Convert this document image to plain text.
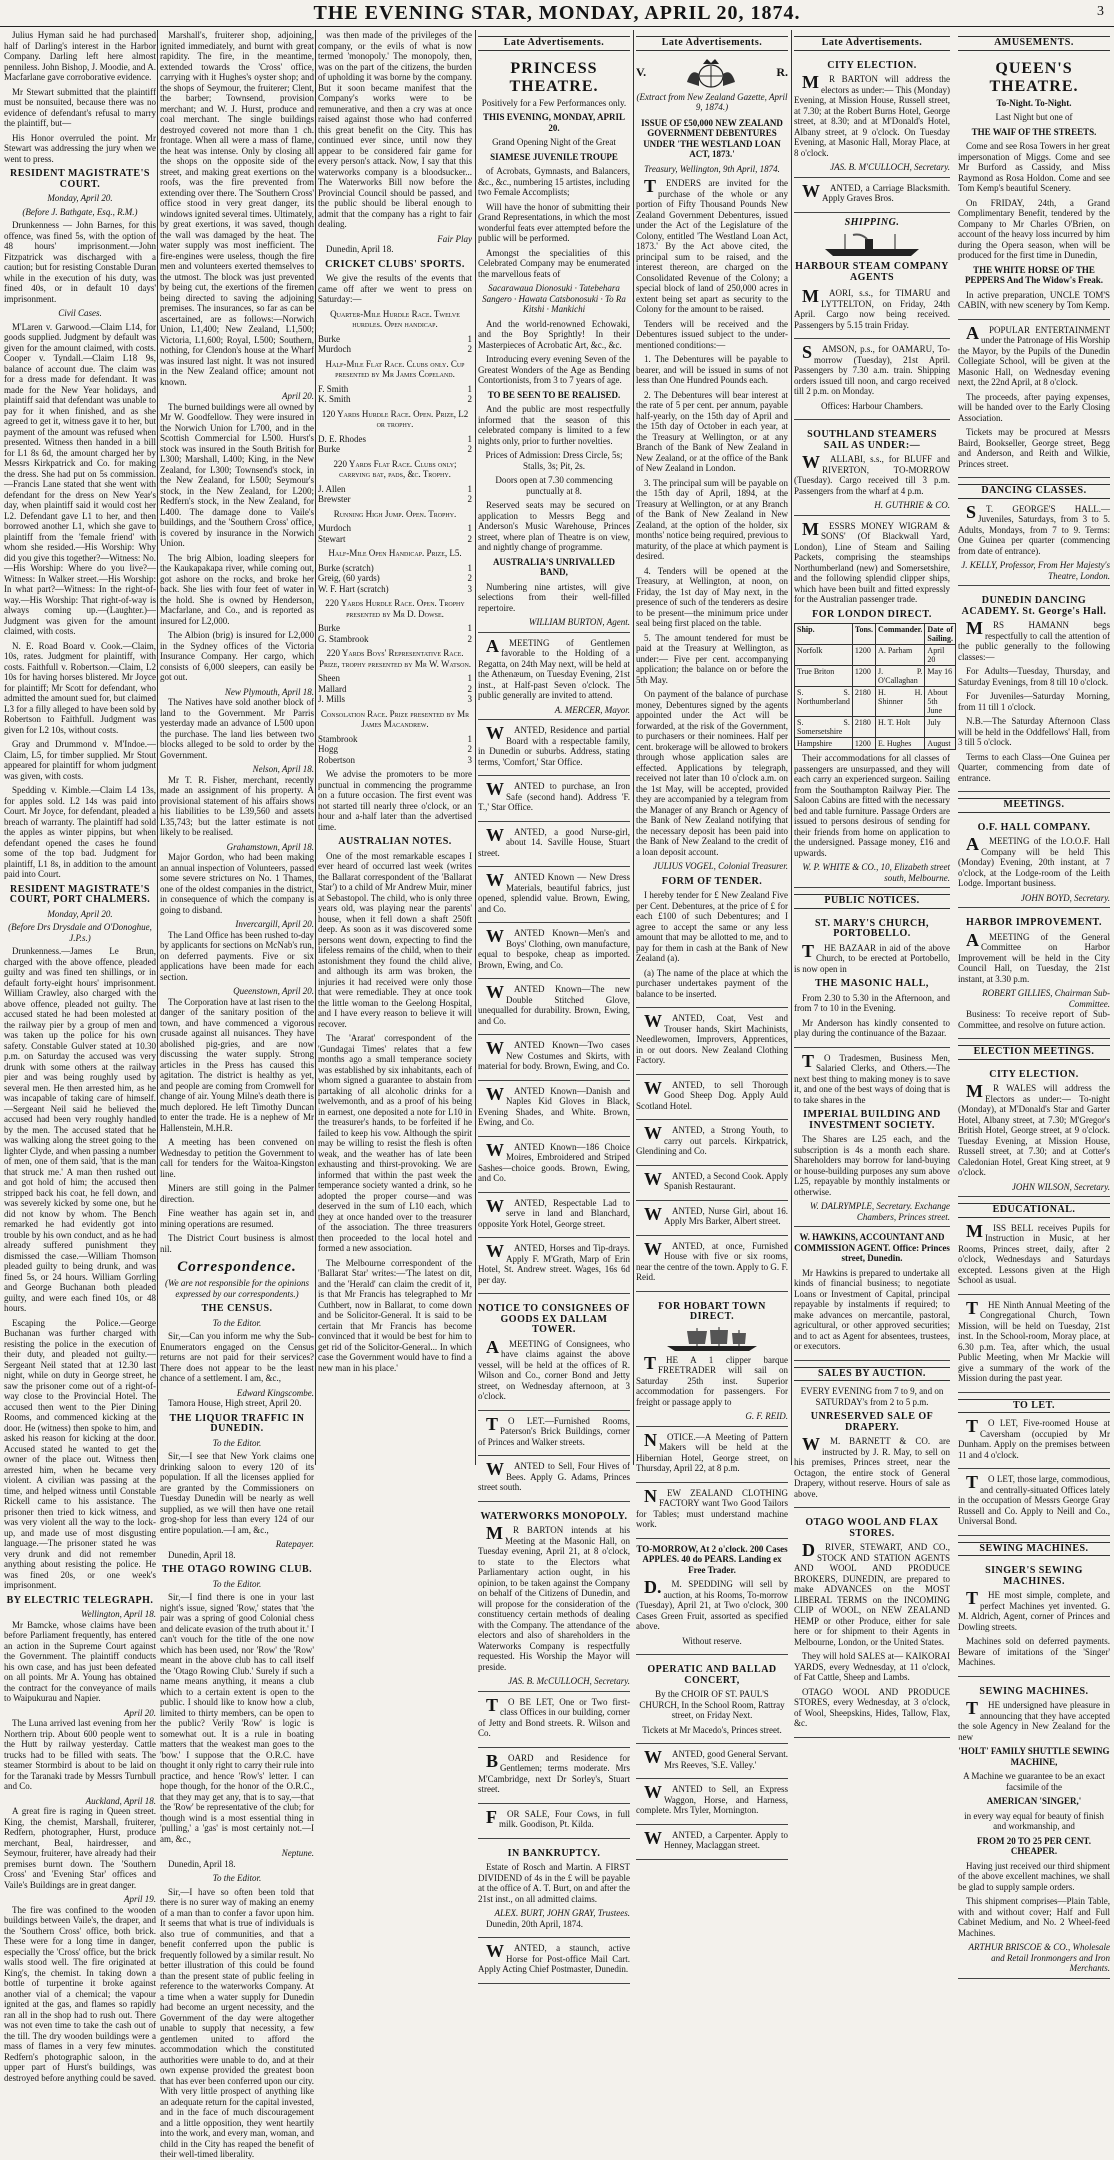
THE EVENING STAR, MONDAY, APRIL 20, 1874.	3

Julius Hyman said he had purchased half of Darling's interest in the Harbor Company. Darling left here almost penniless. John Bishop, J. Moodie, and A. Macfarlane gave corroborative evidence.

Mr Stewart submitted that the plaintiff must be nonsuited, because there was no evidence of defendant's refusal to marry the plaintiff, but—

His Honor overruled the point. Mr Stewart was addressing the jury when we went to press.

RESIDENT MAGISTRATE'S COURT.
Monday, April 20.
(Before J. Bathgate, Esq., R.M.)

Drunkenness — John Barnes, for this offence, was fined 5s, with the option of 48 hours' imprisonment.—John Fitzpatrick was discharged with a caution; but for resisting Constable Duran while in the execution of his duty, was fined 40s, or in default 10 days' imprisonment.

Civil Cases.

M'Laren v. Garwood.—Claim L14, for goods supplied. Judgment by default was given for the amount claimed, with costs. Cooper v. Tyndall.—Claim L18 9s, balance of account due. The claim was for a dress made for defendant. It was made for the New Year holidays, and plaintiff said that defendant was unable to pay for it when finished, and as she agreed to get it, witness gave it to her, but payment of the amount was refused when presented. Witness then handed in a bill for L1 8s 6d, the amount charged her by Messrs Kirkpatrick and Co. for making the dress. She had put on 5s commission.—Francis Lane stated that she went with defendant for the dress on New Year's day, when plaintiff said it would cost her L2. Defendant gave L1 to her, and then borrowed another L1, which she gave to plaintiff from the 'female friend' with whom she resided.—His Worship: Why did you give this together?—Witness: No.—His Worship: Where do you live?—Witness: In Walker street.—His Worship: In what part?—Witness: In the right-of-way.—His Worship: That right-of-way is always coming up.—(Laughter.)—Judgment was given for the amount claimed, with costs.

N. E. Road Board v. Cook.—Claim, 10s, rates. Judgment for plaintiff, with costs. Faithfull v. Robertson.—Claim, L2 10s for having horses blistered. Mr Joyce for plaintiff; Mr Scott for defendant, who admitted the amount sued for, but claimed L3 for a filly alleged to have been sold by Robertson to Faithfull. Judgment was given for L2 10s, without costs.

Gray and Drummond v. M'Indoe.—Claim, L5, for timber supplied. Mr Stout appeared for plaintiff for whom judgment was given, with costs.

Spedding v. Kimble.—Claim L4 13s, for apples sold. L2 14s was paid into Court. Mr Joyce, for defendant, pleaded a breach of warranty. The plaintiff had sold the apples as winter pippins, but when defendant opened the cases he found some of the top bad. Judgment for plaintiff, L1 8s, in addition to the amount paid into Court.

RESIDENT MAGISTRATE'S COURT, PORT CHALMERS.
Monday, April 20.
(Before Drs Drysdale and O'Donoghue, J.P.s.)

Drunkenness.—James Le Brun, charged with the above offence, pleaded guilty and was fined ten shillings, or in default forty-eight hours' imprisonment. William Crawley, also charged with the above offence, pleaded not guilty. The accused stated he had been molested at the railway pier by a group of men and was taken up the police for his own safety. Constable Gulver stated at 10.30 p.m. on Saturday the accused was very drunk with some others at the railway pier and was being roughly used by several men. He then arrested him, as he was incapable of taking care of himself.—Sergeant Neil said he believed the accused had been very roughly handled by the men. The accused stated that he was walking along the street going to the lighter Clyde, and when passing a number of men, one of them said, 'that is the man that struck me.' A man then rushed out and got hold of him; the accused then stripped back his coat, he fell down, and was severely kicked by some one, but he did not know by whom. The Bench remarked he had evidently got into trouble by his own conduct, and as he had already suffered punishment they dismissed the case.—William Thomson pleaded guilty to being drunk, and was fined 5s, or 24 hours. William Gorrling and George Buchanan both pleaded guilty, and were each fined 10s, or 48 hours.

Escaping the Police.—George Buchanan was further charged with resisting the police in the execution of their duty, and pleaded not guilty.—Sergeant Neil stated that at 12.30 last night, while on duty in George street, he saw the prisoner come out of a right-of-way close to the Provincial Hotel. The accused then went to the Pier Dining Rooms, and commenced kicking at the door. He (witness) then spoke to him, and asked his reason for kicking at the door. Accused stated he wanted to get the owner of the place out. Witness then arrested him, when he became very violent. A civilian was passing at the time, and helped witness until Constable Rickell came to his assistance. The prisoner then tried to kick witness, and was very violent all the way to the lock-up, and made use of most disgusting language.—The prisoner stated he was very drunk and did not remember anything about resisting the police. He was fined 20s, or one week's imprisonment.

BY ELECTRIC TELEGRAPH.
Wellington, April 18.

Mr Bamcke, whose claims have been before Parliament frequently, has entered an action in the Supreme Court against the Government. The plaintiff conducts his own case, and has just been defeated on all points. Mr A. Young has obtained the contract for the conveyance of mails to Waipukurau and Napier.

April 20.

The Luna arrived last evening from her Northern trip. About 600 people went to the Hutt by railway yesterday. Cattle trucks had to be filled with seats. The steamer Stormbird is about to be laid on for the Taranaki trade by Messrs Turnbull and Co.

Auckland, April 18.

A great fire is raging in Queen street. King, the chemist, Marshall, fruiterer, Redfern, photographer, Hurst, produce merchant, Beal, hairdresser, and Seymour, fruiterer, have already had their premises burnt down. The 'Southern Cross' and 'Evening Star' offices and Vaile's Buildings are in great danger.

April 19.

The fire was confined to the wooden buildings between Vaile's, the draper, and the 'Southern Cross' office, both brick. These were for a long time in danger, especially the 'Cross' office, but the brick walls stood well. The fire originated at King's, the chemist. In taking down a bottle of turpentine it broke against another vial of a chemical; the vapour ignited at the gas, and flames so rapidly ran all in the shop had to rush out. There was not even time to take the cash out of the till. The dry wooden buildings were a mass of flames in a very few minutes. Redfern's photographic saloon, in the upper part of Hurst's buildings, was destroyed before anything could be saved.

Marshall's, fruiterer shop, adjoining, ignited immediately, and burnt with great rapidity. The fire, in the meantime, extended towards the 'Cross' office, carrying with it Hughes's oyster shop; and the shops of Seymour, the fruiterer; Clent, the barber; Townsend, provision merchant; and W. J. Hurst, produce and coal merchant. The single buildings destroyed covered not more than 1 ch. frontage. When all were a mass of flame, the heat was intense. Only by closing all the shops on the opposite side of the street, and making great exertions on the roofs, was the fire prevented from extending over there. The 'Southern Cross' office stood in very great danger, its windows ignited several times. Ultimately, by great exertions, it was saved, though the wall was damaged by the heat. The water supply was most inefficient. The fire-engines were useless, though the fire men and volunteers exerted themselves to the utmost. The block was just prevented by being cut, the exertions of the firemen being directed to saving the adjoining premises. The insurances, so far as can be ascertained, are as follows:—Norwich Union, L1,400; New Zealand, L1,500; Victoria, L1,600; Royal, L500; Southern, nothing, for Clendon's house at the Wharf was insured last night. It was not insured in the New Zealand office; amount not known.

April 20.

The burned buildings were all owned by Mr W. Goodfellow. They were insured in the Norwich Union for L700, and in the Scottish Commercial for L500. Hurst's stock was insured in the South British for L300; Marshall, L400; King, in the New Zealand, for L300; Townsend's stock, in the New Zealand, for L500; Seymour's stock, in the New Zealand, for L200; Redfern's stock, in the New Zealand, for L400. The damage done to Vaile's buildings, and the 'Southern Cross' office, is covered by insurance in the Norwich Union.

The brig Albion, loading sleepers for the Kaukapakapa river, while coming out, got ashore on the rocks, and broke her back. She lies with four feet of water in the hold. She is owned by Henderson, Macfarlane, and Co., and is reported as insured for L2,000.

The Albion (brig) is insured for L2,000 in the Sydney offices of the Victoria Insurance Company. Her cargo, which consists of 6,000 sleepers, can easily be got out.

New Plymouth, April 18.

The Natives have sold another block of land to the Government. Mr Parris yesterday made an advance of L500 upon the purchase. The land lies between two blocks alleged to be sold to order by the Government.

Nelson, April 18.

Mr T. R. Fisher, merchant, recently made an assignment of his property. A provisional statement of his affairs shows his liabilities to be L39,560 and assets L35,743; but the latter estimate is not likely to be realised.

Grahamstown, April 18.

Major Gordon, who had been making an annual inspection of Volunteers, passed some severe strictures on No. 1 Thames, one of the oldest companies in the district, in consequence of which the company is going to disband.

Invercargill, April 20.

The Land Office has been rushed to-day by applicants for sections on McNab's run, on deferred payments. Five or six applications have been made for each section.

Queenstown, April 20.

The Corporation have at last risen to the danger of the sanitary position of the town, and have commenced a vigorous crusade against all nuisances. They have abolished pig-gries, and are now discussing the water supply. Strong articles in the Press has caused this agitation. The district is healthy as yet, and people are coming from Cromwell for change of air. Young Milne's death there is much deplored. He left Timothy Duncan to enter the trade. He is a nephew of Mr Hallenstein, M.H.R.

A meeting has been convened on Wednesday to petition the Government to call for tenders for the Waitoa-Kingston line.

Miners are still going in the Palmer direction.

Fine weather has again set in, and mining operations are resumed.

The District Court business is almost nil.

Correspondence.
(We are not responsible for the opinions expressed by our correspondents.)
THE CENSUS.
To the Editor.

Sir,—Can you inform me why the Sub-Enumerators engaged on the Census returns are not paid for their services? There does not appear to be the least chance of a settlement. I am, &c.,

Edward Kingscombe.

Tamora House, High street, April 20.

THE LIQUOR TRAFFIC IN DUNEDIN.
To the Editor.

Sir,—I see that New York claims one drinking saloon to every 120 of its population. If all the licenses applied for are granted by the Commissioners on Tuesday Dunedin will be nearly as well supplied, as we will then have one retail grog-shop for less than every 124 of our entire population.—I am, &c.,

Ratepayer.

Dunedin, April 18.

THE OTAGO ROWING CLUB.
To the Editor.

Sir,—I find there is one in your last night's issue, signed 'Row,' states that 'the pair was a spring of good Colonial chess and delicate evasion of the truth about it.' I can't vouch for the title of the one now which has been used, nor 'Row' the 'Row' meant in the above club has to call itself the 'Otago Rowing Club.' Surely if such a name means anything, it means a club which to a certain extent is open to the public. I should like to know how a club, limited to thirty members, can be open to the public? Verily 'Row' is logic is somewhat out. It is a rule in boating matters that the weakest man goes to the 'bow.' I suppose that the O.R.C. have thought it only right to carry their rule into practice, and hence 'Row's' letter. I can hope though, for the honor of the O.R.C., that they may get any, that is to say,—that the 'Row' be representative of the club; for though wind is a most essential thing in 'pulling,' a 'gas' is most certainly not.—I am, &c.,

Neptune.

Dunedin, April 18.

To the Editor.

Sir,—I have so often been told that there is no surer way of making an enemy of a man than to confer a favor upon him. It seems that what is true of individuals is also true of communities, and that a benefit conferred upon the public is frequently followed by a similar result. No better illustration of this could be found than the present state of public feeling in reference to the waterworks Company. At a time when a water supply for Dunedin had become an urgent necessity, and the Government of the day were altogether unable to supply that necessity, a few gentlemen united to afford the accommodation which the constituted authorities were unable to do, and at their own expense provided the greatest boon that has ever been conferred upon our city. With very little prospect of anything like an adequate return for the capital invested, and in the face of much discouragement and a little opposition, they went heartily into the work, and every man, woman, and child in the City has reaped the benefit of their well-timed liberality.

was then made of the privileges of the company, or the evils of what is now termed 'monopoly.' The monopoly, then, was on the part of the citizens, the burden of upholding it was borne by the company. But it soon became manifest that the Company's works were to be remunerative, and then a cry was at once raised against those who had conferred this great benefit on the City. This has continued ever since, until now they appear to be considered fair game for every person's attack. Now, I say that this waterworks company is a bloodsucker... The Waterworks Bill now before the Provincial Council should be passed, and the public should be liberal enough to admit that the company has a right to fair dealing.

Fair Play

Dunedin, April 18.

CRICKET CLUBS' SPORTS.

We give the results of the events that came off after we went to press on Saturday:—

Quarter-Mile Hurdle Race. Twelve hurdles. Open handicap.

Burke	1
Murdoch	2

Half-Mile Flat Race. Clubs only. Cup presented by Mr James Copeland.

F. Smith	1
K. Smith	2

120 Yards Hurdle Race. Open. Prize, L2 or trophy.

D. E. Rhodes	1
Burke	2

220 Yards Flat Race. Clubs only; carrying bat, pads, &c. Trophy.

J. Allen	1
Brewster	2

Running High Jump. Open. Trophy.

Murdoch	1
Stewart	2

Half-Mile Open Handicap. Prize, L5.

Burke (scratch)	1
Greig, (60 yards)	2
W. F. Hart (scratch)	3

220 Yards Hurdle Race. Open. Trophy presented by Mr D. Dowse.

Burke	1
G. Stambrook	2

220 Yards Boys' Representative Race. Prize, trophy presented by Mr W. Watson.

Sheen	1
Mallard	2
J. Mills	3

Consolation Race. Prize presented by Mr James Macandrew.

Stambrook	1
Hogg	2
Robertson	3

We advise the promoters to be more punctual in commencing the programme on a future occasion. The first event was not started till nearly three o'clock, or an hour and a-half later than the advertised time.

AUSTRALIAN NOTES.

One of the most remarkable escapes I ever heard of occurred last week (writes the Ballarat correspondent of the 'Ballarat Star') to a child of Mr Andrew Muir, miner at Sebastopol. The child, who is only three years old, was playing near the parents' house, when it fell down a shaft 250ft deep. As soon as it was discovered some persons went down, expecting to find the lifeless remains of the child, when to their astonishment they found the child alive, and although its arm was broken, the injuries it had received were only those that were remediable. They at once took the little woman to the Geelong Hospital, and I have every reason to believe it will recover.

The 'Ararat' correspondent of the 'Gundagai Times' relates that a few months ago a small temperance society was established by six inhabitants, each of whom signed a guarantee to abstain from partaking of all alcoholic drinks for a twelvemonth, and as a proof of his being in earnest, one deposited a note for L10 in the treasurer's hands, to be forfeited if he failed to keep his vow. Although the spirit may be willing to resist the flesh is often weak, and the weather has of late been exhausting and thirst-provoking. We are informed that within the past week the temperance society wanted a drink, so he adopted the proper course—and was deserved in the sum of L10 each, which they at once handed over to the treasurer of the association. The three treasurers then proceeded to the local hotel and formed a new association.

The Melbourne correspondent of the 'Ballarat Star' writes:—'The latest on dit, and the 'Herald' can claim the credit of it, is that Mr Francis has telegraphed to Mr Cuthbert, now in Ballarat, to come down and be Solicitor-General. It is said to be certain that Mr Francis has become convinced that it would be best for him to get rid of the Solicitor-General... In which case the Government would have to find a new man in his place.'

Late Advertisements.
PRINCESS THEATRE.

Positively for a Few Performances only.

THIS EVENING, MONDAY, APRIL 20.

Grand Opening Night of the Great

SIAMESE JUVENILE TROUPE

of Acrobats, Gymnasts, and Balancers, &c., &c., numbering 15 artistes, including two Female Accomplists;

Will have the honor of submitting their Grand Representations, in which the most wonderful feats ever attempted before the public will be performed.

Amongst the specialities of this Celebrated Company may be enumerated the marvellous feats of

Sacarawaua Dionosuki · Tatebehara Sangero · Hawata Catsbonosuki · To Ra Kitshi · Mankichi

And the world-renowned Echowaki, and the Boy Sprightly! In their Masterpieces of Acrobatic Art, &c., &c.

Introducing every evening Seven of the Greatest Wonders of the Age as Bending Contortionists, from 3 to 7 years of age.

TO BE SEEN TO BE REALISED.

And the public are most respectfully informed that the season of this celebrated company is limited to a few nights only, prior to further novelties.

Prices of Admission: Dress Circle, 5s; Stalls, 3s; Pit, 2s.

Doors open at 7.30 commencing punctually at 8.

Reserved seats may be secured on application to Messrs Begg and Anderson's Music Warehouse, Princes street, where plan of Theatre is on view, and nightly change of programme.

AUSTRALIA'S UNRIVALLED BAND,

Numbering nine artistes, will give selections from their well-filled repertoire.

WILLIAM BURTON, Agent.

AMEETING of Gentlemen favorable to the Holding of a Regatta, on 24th May next, will be held at the Athenæum, on Tuesday Evening, 21st inst., at Half-past Seven o'clock. The public generally are invited to attend.

A. MERCER, Mayor.

WANTED, Residence and partial Board with a respectable family, in Dunedin or suburbs. Address, stating terms, 'Comfort,' Star Office.

WANTED to purchase, an Iron Safe (second hand). Address 'F. T.,' Star Office.

WANTED, a good Nurse-girl, about 14. Saville House, Stuart street.

WANTED Known — New Dress Materials, beautiful fabrics, just opened, splendid value. Brown, Ewing, and Co.

WANTED Known—Men's and Boys' Clothing, own manufacture, equal to bespoke, cheap as imported. Brown, Ewing, and Co.

WANTED Known—The new Double Stitched Glove, unequalled for durability. Brown, Ewing, and Co.

WANTED Known—Two cases New Costumes and Skirts, with material for body. Brown, Ewing, and Co.

WANTED Known—Danish and Naples Kid Gloves in Black, Evening Shades, and White. Brown, Ewing, and Co.

WANTED Known—186 Choice Moires, Embroidered and Striped Sashes—choice goods. Brown, Ewing, and Co.

WANTED, Respectable Lad to serve in land and Blanchard, opposite York Hotel, George street.

WANTED, Horses and Tip-drays. Apply F. M'Grath, Marp of Erin Hotel, St. Andrew street. Wages, 16s 6d per day.

NOTICE TO CONSIGNEES OF GOODS EX DALLAM TOWER.

AMEETING of Consignees, who have claims against the above vessel, will be held at the offices of R. Wilson and Co., corner Bond and Jetty street, on Wednesday afternoon, at 3 o'clock.

TO LET.—Furnished Rooms, Paterson's Brick Buildings, corner of Princes and Walker streets.

WANTED to Sell, Four Hives of Bees. Apply G. Adams, Princes street south.

WATERWORKS MONOPOLY.

MR BARTON intends at his Meeting at the Masonic Hall, on Tuesday evening, April 21, at 8 o'clock, to state to the Electors what Parliamentary action ought, in his opinion, to be taken against the Company on behalf of the Citizens of Dunedin, and will propose for the consideration of the constituency certain methods of dealing with the Company. The attendance of the electors and also of shareholders in the Waterworks Company is respectfully requested. His Worship the Mayor will preside.

JAS. B. McCULLOCH, Secretary.

TO BE LET, One or Two first-class Offices in our building, corner of Jetty and Bond streets. R. Wilson and Co.

BOARD and Residence for Gentlemen; terms moderate. Mrs M'Cambridge, next Dr Sorley's, Stuart street.

FOR SALE, Four Cows, in full milk. Goodison, Pt. Kilda.

IN BANKRUPTCY.

Estate of Rosch and Martin. A FIRST DIVIDEND of 4s in the £ will be payable at the office of A. T. Burt, on and after the 21st inst., on all admitted claims.

ALEX. BURT, JOHN GRAY, Trustees.

Dunedin, 20th April, 1874.

WANTED, a staunch, active Horse for Post-office Mail Cart. Apply Acting Chief Postmaster, Dunedin.

Late Advertisements.
V.	R.

(Extract from New Zealand Gazette, April 9, 1874.)

ISSUE OF £50,000 NEW ZEALAND GOVERNMENT DEBENTURES UNDER 'THE WESTLAND LOAN ACT, 1873.'

Treasury, Wellington, 9th April, 1874.

TENDERS are invited for the purchase of the whole or any portion of Fifty Thousand Pounds New Zealand Government Debentures, issued under the Act of the Legislature of the Colony, entitled 'The Westland Loan Act, 1873.' By the Act above cited, the principal sum to be raised, and the interest thereon, are charged on the Consolidated Revenue of the Colony; a special block of land of 250,000 acres in extent being set apart as security to the Colony for the amount to be raised.

Tenders will be received and the Debentures issued subject to the under-mentioned conditions:—

1. The Debentures will be payable to bearer, and will be issued in sums of not less than One Hundred Pounds each.

2. The Debentures will bear interest at the rate of 5 per cent. per annum, payable half-yearly, on the 15th day of April and the 15th day of October in each year, at the Treasury at Wellington, or at any Branch of the Bank of New Zealand in New Zealand, or at the office of the Bank of New Zealand in London.

3. The principal sum will be payable on the 15th day of April, 1894, at the Treasury at Wellington, or at any Branch of the Bank of New Zealand in New Zealand, at the option of the holder, six months' notice being required, previous to maturity, of the place at which payment is desired.

4. Tenders will be opened at the Treasury, at Wellington, at noon, on Friday, the 1st day of May next, in the presence of such of the tenderers as desire to be present—the minimum price under seal being first placed on the table.

5. The amount tendered for must be paid at the Treasury at Wellington, as under:— Five per cent. accompanying application; the balance on or before the 5th May.

On payment of the balance of purchase money, Debentures signed by the agents appointed under the Act will be forwarded, at the risk of the Government, to purchasers or their nominees. Half per cent. brokerage will be allowed to brokers through whose application sales are effected. Applications by telegraph, received not later than 10 o'clock a.m. on the 1st May, will be accepted, provided they are accompanied by a telegram from the Manager of any Branch or Agency of the Bank of New Zealand notifying that the necessary deposit has been paid into the Bank of New Zealand to the credit of a loan deposit account.

JULIUS VOGEL, Colonial Treasurer.
FORM OF TENDER.

I hereby tender for £ New Zealand Five per Cent. Debentures, at the price of £ for each £100 of such Debentures; and I agree to accept the same or any less amount that may be allotted to me, and to pay for them in cash at the Bank of New Zealand (a).

(a) The name of the place at which the purchaser undertakes payment of the balance to be inserted.

WANTED, Coat, Vest and Trouser hands, Skirt Machinists, Needlewomen, Improvers, Apprentices, in or out doors. New Zealand Clothing Factory.

WANTED, to sell Thorough Good Sheep Dog. Apply Auld Scotland Hotel.

WANTED, a Strong Youth, to carry out parcels. Kirkpatrick, Glendining and Co.

WANTED, a Second Cook. Apply Spanish Restaurant.

WANTED, Nurse Girl, about 16. Apply Mrs Barker, Albert street.

WANTED, at once, Furnished House with five or six rooms, near the centre of the town. Apply to G. F. Reid.

FOR HOBART TOWN DIRECT.

THE A 1 clipper barque FREETRADER will sail on Saturday 25th inst. Superior accommodation for passengers. For freight or passage apply to

G. F. REID.

NOTICE.—A Meeting of Pattern Makers will be held at the Hibernian Hotel, George street, on Thursday, April 22, at 8 p.m.

NEW ZEALAND CLOTHING FACTORY want Two Good Tailors for Tables; must understand machine work.

TO-MORROW, At 2 o'clock. 200 Cases APPLES. 40 do PEARS. Landing ex Free Trader.

D.M. SPEDDING will sell by auction, at his Rooms, To-morrow (Tuesday), April 21, at Two o'clock, 300 Cases Green Fruit, assorted as specified above.

Without reserve.

OPERATIC AND BALLAD CONCERT,

By the CHOIR OF ST. PAUL'S CHURCH, In the School Room, Rattray street, on Friday Next.

Tickets at Mr Macedo's, Princes street.

WANTED, good General Servant. Mrs Reeves, 'S.E. Valley.'

WANTED to Sell, an Express Waggon, Horse, and Harness, complete. Mrs Tyler, Mornington.

WANTED, a Carpenter. Apply to Henney, Maclaggan street.

Late Advertisements.
CITY ELECTION.

MR BARTON will address the electors as under:— This (Monday) Evening, at Mission House, Russell street, at 7.30; at the Robert Burns Hotel, George street, at 8.30; and at M'Donald's Hotel, Albany street, at 9 o'clock. On Tuesday Evening, at Masonic Hall, Moray Place, at 8 o'clock.

JAS. B. M'CULLOCH, Secretary.

WANTED, a Carriage Blacksmith. Apply Graves Bros.

SHIPPING.
HARBOUR STEAM COMPANY AGENTS

MAORI, s.s., for TIMARU and LYTTELTON, on Friday, 24th April. Cargo now being received. Passengers by 5.15 train Friday.

SAMSON, p.s., for OAMARU, To-morrow (Tuesday), 21st April. Passengers by 7.30 a.m. train. Shipping orders issued till noon, and cargo received till 2 p.m. on Monday.

Offices: Harbour Chambers.

SOUTHLAND STEAMERS SAIL AS UNDER:—

WALLABI, s.s., for BLUFF and RIVERTON, TO-MORROW (Tuesday). Cargo received till 3 p.m. Passengers from the wharf at 4 p.m.

H. GUTHRIE & CO.

MESSRS MONEY WIGRAM & SONS' (Of Blackwall Yard, London), Line of Steam and Sailing Packets, comprising the steamships Northumberland (new) and Somersetshire, and the following splendid clipper ships, which have been built and fitted expressly for the Australian passenger trade.

FOR LONDON DIRECT.
Ship.	Tons.	Commander.	Date of Sailing.
Norfolk	1200	A. Parham	April 20
True Briton	1200	J. P. O'Callaghan	May 16
S. S. Northumberland	2180	H. H. Shinner	About 5th June
S. S. Somersetshire	2180	H. T. Holt	July
Hampshire	1200	E. Hughes	August

Their accommodations for all classes of passengers are unsurpassed, and they will each carry an experienced surgeon. Sailing from the Southampton Railway Pier. The Saloon Cabins are fitted with the necessary bed and table furniture. Passage Orders are issued to persons desirous of sending for their friends from home on application to the undersigned. Passage money, £16 and upwards.

W. P. WHITE & CO., 10, Elizabeth street south, Melbourne.
PUBLIC NOTICES.
ST. MARY'S CHURCH, PORTOBELLO.

THE BAZAAR in aid of the above Church, to be erected at Portobello, is now open in

THE MASONIC HALL,

From 2.30 to 5.30 in the Afternoon, and from 7 to 10 in the Evening.

Mr Anderson has kindly consented to play during the continuance of the Bazaar.

TO Tradesmen, Business Men, Salaried Clerks, and Others.—The next best thing to making money is to save it, and one of the best ways of doing that is to take shares in the

IMPERIAL BUILDING AND INVESTMENT SOCIETY.

The Shares are L25 each, and the subscription is 4s a month each share. Shareholders may borrow for land-buying or house-building purposes any sum above L25, repayable by monthly instalments or otherwise.

W. DALRYMPLE, Secretary. Exchange Chambers, Princes street.

W. HAWKINS, ACCOUNTANT AND COMMISSION AGENT. Office: Princes street, Dunedin.

Mr Hawkins is prepared to undertake all kinds of financial business; to negotiate Loans or Investment of Capital, principal repayable by instalments if required; to make advances on mercantile, pastoral, agricultural, or other approved securities; and to act as Agent for absentees, trustees, or executors.

SALES BY AUCTION.

EVERY EVENING from 7 to 9, and on SATURDAY's from 2 to 5 p.m.

UNRESERVED SALE OF DRAPERY.

WM. BARNETT & CO. are instructed by J. R. May, to sell on his premises, Princes street, near the Octagon, the entire stock of General Drapery, without reserve. Hours of sale as above.

OTAGO WOOL AND FLAX STORES.

DRIVER, STEWART, AND CO., STOCK AND STATION AGENTS AND WOOL AND PRODUCE BROKERS, DUNEDIN, are prepared to make ADVANCES on the MOST LIBERAL TERMS on the INCOMING CLIP of WOOL, on NEW ZEALAND HEMP or other Produce, either for sale here or for shipment to their Agents in Melbourne, London, or the United States.

They will hold SALES at— KAIKORAI YARDS, every Wednesday, at 11 o'clock, of Fat Cattle, Sheep and Lambs.

OTAGO WOOL AND PRODUCE STORES, every Wednesday, at 3 o'clock, of Wool, Sheepskins, Hides, Tallow, Flax, &c.

AMUSEMENTS.
QUEEN'S THEATRE.

To-Night. To-Night.

Last Night but one of

THE WAIF OF THE STREETS.

Come and see Rosa Towers in her great impersonation of Miggs. Come and see Mr Burford as Cassidy, and Miss Raymond as Rosa Holdon. Come and see Tom Kemp's beautiful Scenery.

On FRIDAY, 24th, a Grand Complimentary Benefit, tendered by the Company to Mr Charles O'Brien, on account of the heavy loss incurred by him during the Opera season, when will be produced for the first time in Dunedin,

THE WHITE HORSE OF THE PEPPERS And The Widow's Freak.

In active preparation, UNCLE TOM'S CABIN, with new scenery by Tom Kemp.

APOPULAR ENTERTAINMENT under the Patronage of His Worship the Mayor, by the Pupils of the Dunedin Collegiate School, will be given at the Masonic Hall, on Wednesday evening next, the 22nd April, at 8 o'clock.

The proceeds, after paying expenses, will be handed over to the Early Closing Association.

Tickets may be procured at Messrs Baird, Bookseller, George street, Begg and Anderson, and Reith and Wilkie, Princes street.

DANCING CLASSES.

ST. GEORGE'S HALL.—Juveniles, Saturdays, from 3 to 5. Adults, Mondays, from 7 to 9. Terms: One Guinea per quarter (commencing from date of entrance).

J. KELLY, Professor, From Her Majesty's Theatre, London.
DUNEDIN DANCING ACADEMY. St. George's Hall.

MRS HAMANN begs respectfully to call the attention of the public generally to the following classes:—

For Adults—Tuesday, Thursday, and Saturday Evenings, from 8 till 10 o'clock.

For Juveniles—Saturday Morning, from 11 till 1 o'clock.

N.B.—The Saturday Afternoon Class will be held in the Oddfellows' Hall, from 3 till 5 o'clock.

Terms to each Class—One Guinea per Quarter, commencing from date of entrance.

MEETINGS.
O.F. HALL COMPANY.

AMEETING of the I.O.O.F. Hall Company will be held This (Monday) Evening, 20th instant, at 7 o'clock, at the Lodge-room of the Leith Lodge. Important business.

JOHN BOYD, Secretary.
HARBOR IMPROVEMENT.

AMEETING of the General Committee on Harbor Improvement will be held in the City Council Hall, on Tuesday, the 21st instant, at 3.30 p.m.

ROBERT GILLIES, Chairman Sub-Committee.

Business: To receive report of Sub-Committee, and resolve on future action.

ELECTION MEETINGS.
CITY ELECTION.

MR WALES will address the Electors as under:— To-night (Monday), at M'Donald's Star and Garter Hotel, Albany street, at 7.30; M'Gregor's British Hotel, George street, at 9 o'clock. Tuesday Evening, at Mission House, Russell street, at 7.30; and at Cotter's Caledonian Hotel, Great King street, at 9 o'clock.

JOHN WILSON, Secretary.
EDUCATIONAL.

MISS BELL receives Pupils for Instruction in Music, at her Rooms, Princes street, daily, after 2 o'clock, Wednesdays and Saturdays excepted. Lessons given at the High School as usual.

THE Ninth Annual Meeting of the Congregational Church, Town Mission, will be held on Tuesday, 21st inst. In the School-room, Moray place, at 6.30 p.m. Tea, after which, the usual Public Meeting, when Mr Mackie will give a summary of the work of the Mission during the past year.

TO LET.

TO LET, Five-roomed House at Caversham (occupied by Mr Dunham. Apply on the premises between 11 and 4 o'clock.

TO LET, those large, commodious, and centrally-situated Offices lately in the occupation of Messrs George Gray Russell and Co. Apply to Neill and Co., Universal Bond.

SEWING MACHINES.
SINGER'S SEWING MACHINES.

THE most simple, complete, and perfect Machines yet invented. G. M. Aldrich, Agent, corner of Princes and Dowling streets.

Machines sold on deferred payments. Beware of imitations of the 'Singer' Machines.

SEWING MACHINES.

THE undersigned have pleasure in announcing that they have accepted the sole Agency in New Zealand for the new

'HOLT' FAMILY SHUTTLE SEWING MACHINE,

A Machine we guarantee to be an exact facsimile of the

AMERICAN 'SINGER,'

in every way equal for beauty of finish and workmanship, and

FROM 20 TO 25 PER CENT. CHEAPER.

Having just received our third shipment of the above excellent machines, we shall be glad to supply sample orders.

This shipment comprises—Plain Table, with and without cover; Half and Full Cabinet Medium, and No. 2 Wheel-feed Machines.

ARTHUR BRISCOE & CO., Wholesale and Retail Ironmongers and Iron Merchants.
